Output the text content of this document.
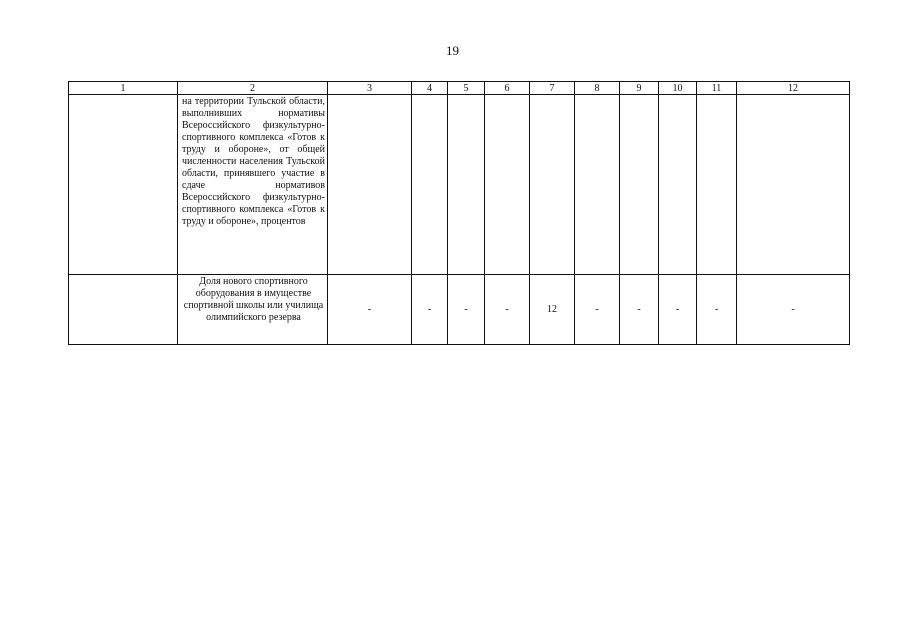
19
1	2	3	4	5	6	7	8	9	10	11	12
	на территории Тульской области, выполнивших нормативы Всероссийского физкультурно-спортивного комплекса «Готов к труду и обороне», от общей численности населения Тульской области, принявшего участие в сдаче нормативов Всероссийского физкультурно-спортивного комплекса «Готов к труду и обороне», процентов										
	Доля нового спортивного оборудования в имуществе спортивной школы или училища олимпийского резерва	-	-	-	-	12	-	-	-	-	-
